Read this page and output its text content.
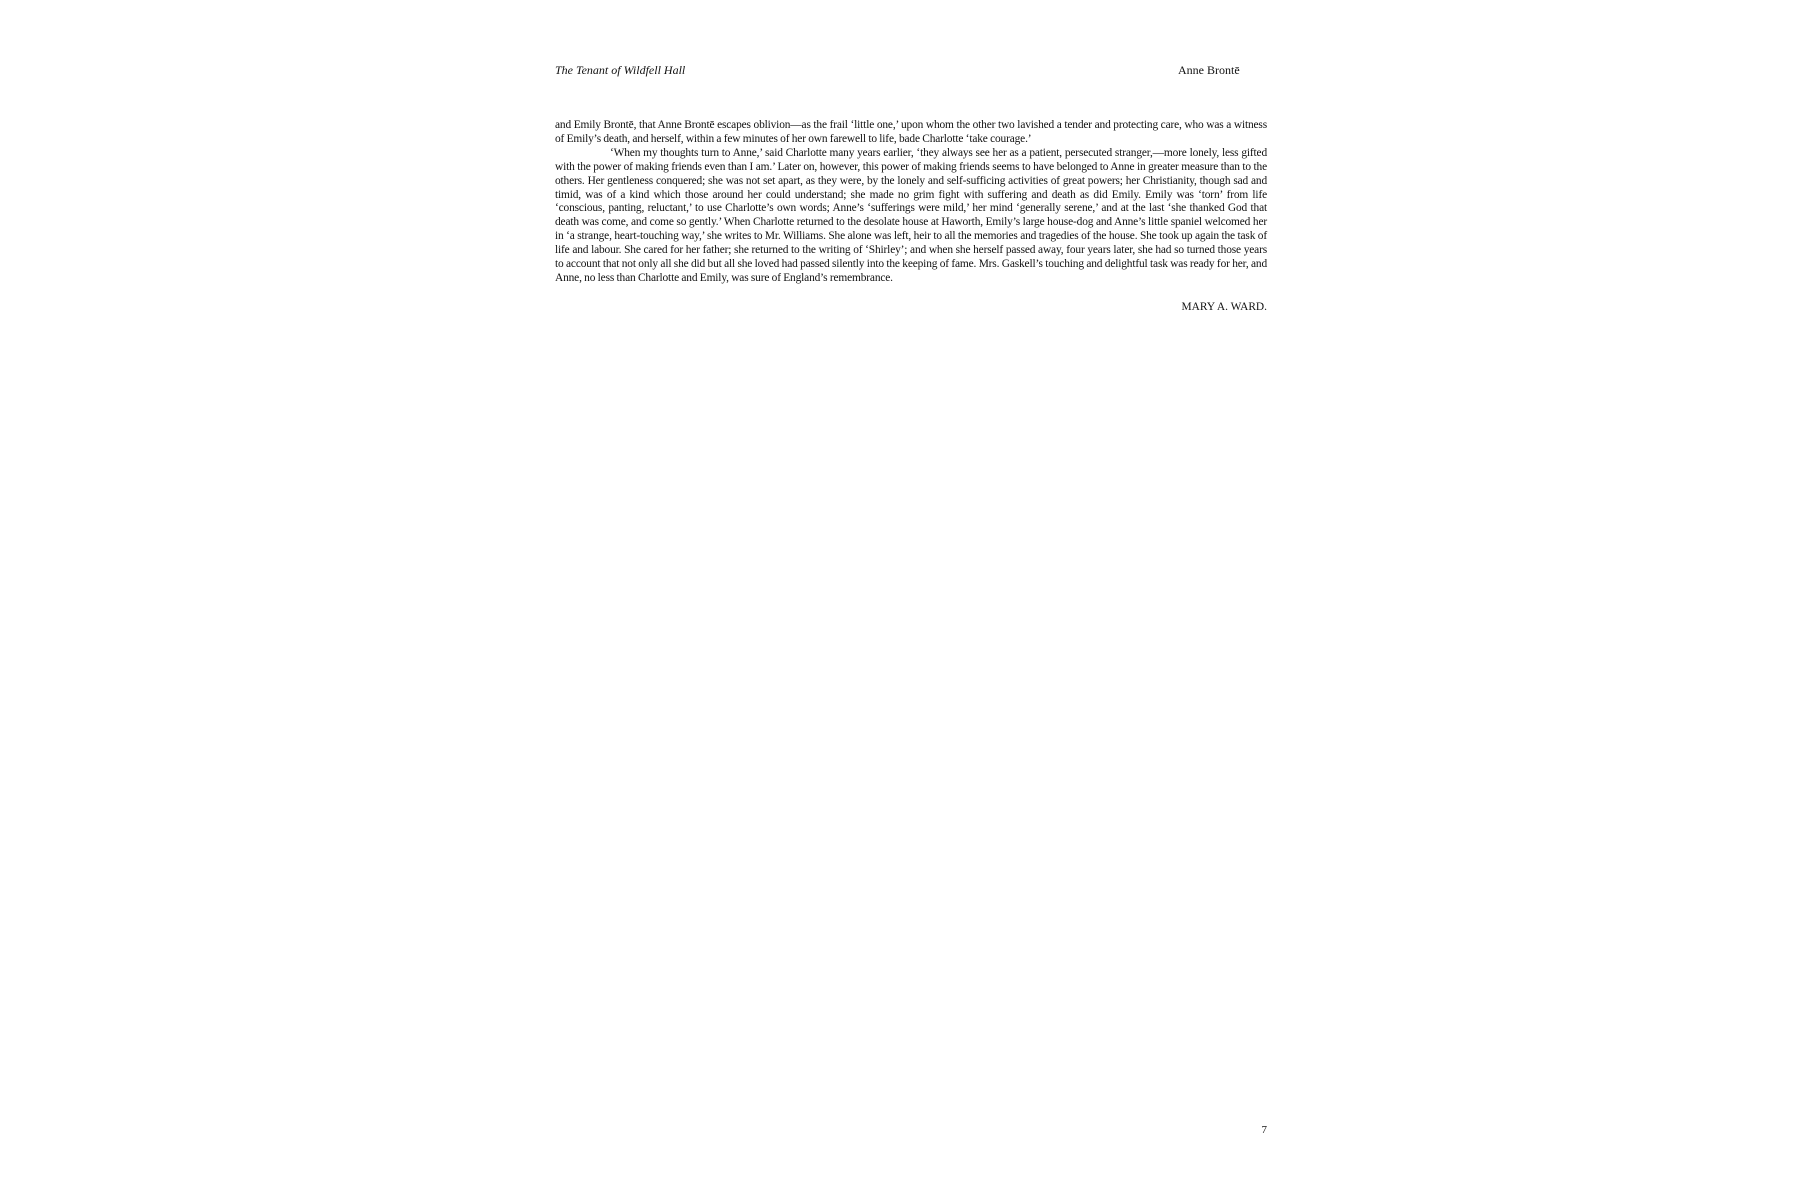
The Tenant of Wildfell Hall	Anne Brontē

and Emily Brontē, that Anne Brontē escapes oblivion—as the frail ‘little one,’ upon whom the other two lavished a tender and protecting care, who was a witness of Emily’s death, and herself, within a few minutes of her own farewell to life, bade Charlotte ‘take courage.’

‘When my thoughts turn to Anne,’ said Charlotte many years earlier, ‘they always see her as a patient, persecuted stranger,—more lonely, less gifted with the power of making friends even than I am.’ Later on, however, this power of making friends seems to have belonged to Anne in greater measure than to the others. Her gentleness conquered; she was not set apart, as they were, by the lonely and self-sufficing activities of great powers; her Christianity, though sad and timid, was of a kind which those around her could understand; she made no grim fight with suffering and death as did Emily. Emily was ‘torn’ from life ‘conscious, panting, reluctant,’ to use Charlotte’s own words; Anne’s ‘sufferings were mild,’ her mind ‘generally serene,’ and at the last ‘she thanked God that death was come, and come so gently.’ When Charlotte returned to the desolate house at Haworth, Emily’s large house-dog and Anne’s little spaniel welcomed her in ‘a strange, heart-touching way,’ she writes to Mr. Williams. She alone was left, heir to all the memories and tragedies of the house. She took up again the task of life and labour. She cared for her father; she returned to the writing of ‘Shirley’; and when she herself passed away, four years later, she had so turned those years to account that not only all she did but all she loved had passed silently into the keeping of fame. Mrs. Gaskell’s touching and delightful task was ready for her, and Anne, no less than Charlotte and Emily, was sure of England’s remembrance.

MARY A. WARD.
7
